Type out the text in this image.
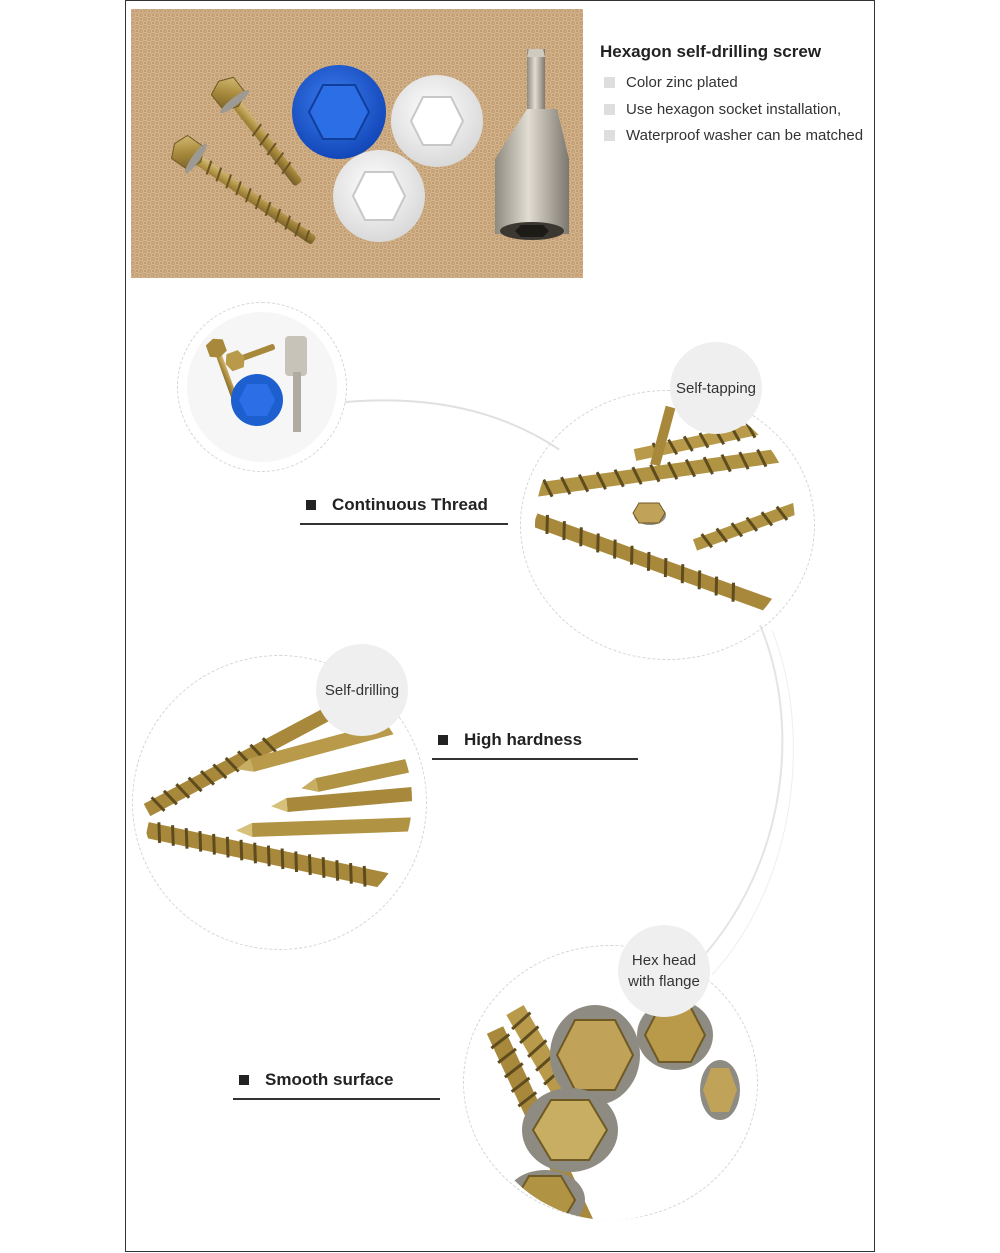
Hexagon self-drilling screw
Color zinc plated
Use hexagon socket installation,
Waterproof washer can be matched
Self-tapping
Continuous Thread
Self-drilling
High hardness
Hex head
with flange
Smooth surface
